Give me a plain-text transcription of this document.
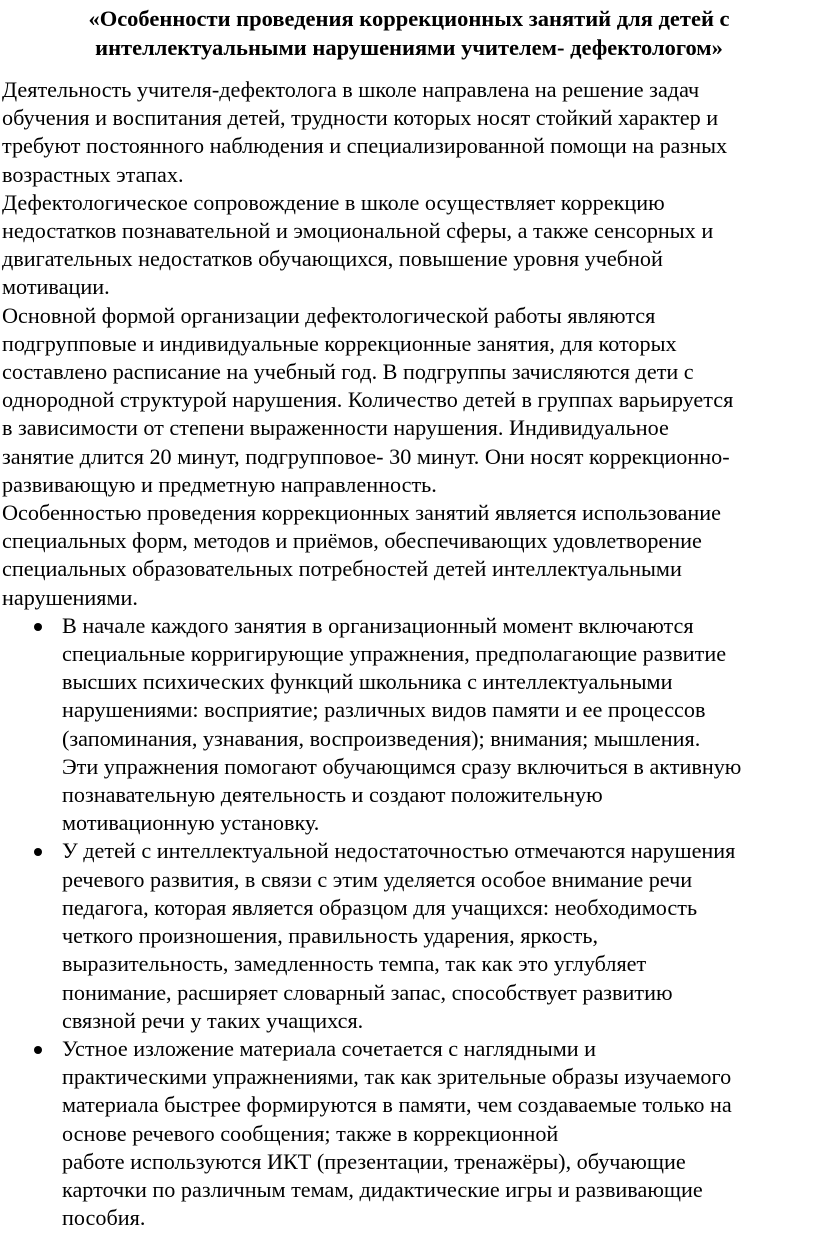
«Особенности проведения коррекционных занятий для детей с
интеллектуальными нарушениями учителем- дефектологом»

Деятельность учителя-дефектолога в школе направлена на решение задач
обучения и воспитания детей, трудности которых носят стойкий характер и
требуют постоянного наблюдения и специализированной помощи на разных
возрастных этапах.

Дефектологическое сопровождение в школе осуществляет коррекцию
недостатков познавательной и эмоциональной сферы, а также сенсорных и
двигательных недостатков обучающихся, повышение уровня учебной
мотивации.

Основной формой организации дефектологической работы являются
подгрупповые и индивидуальные коррекционные занятия, для которых
составлено расписание на учебный год. В подгруппы зачисляются дети с
однородной структурой нарушения. Количество детей в группах варьируется
в зависимости от степени выраженности нарушения. Индивидуальное
занятие длится 20 минут, подгрупповое- 30 минут. Они носят коррекционно-
развивающую и предметную направленность.

Особенностью проведения коррекционных занятий является использование
специальных форм, методов и приёмов, обеспечивающих удовлетворение
специальных образовательных потребностей детей интеллектуальными
нарушениями.

В начале каждого занятия в организационный момент включаются
специальные корригирующие упражнения, предполагающие развитие
высших психических функций школьника с интеллектуальными
нарушениями: восприятие; различных видов памяти и ее процессов
(запоминания, узнавания, воспроизведения); внимания; мышления.
Эти упражнения помогают обучающимся сразу включиться в активную
познавательную деятельность и создают положительную
мотивационную установку.
У детей с интеллектуальной недостаточностью отмечаются нарушения
речевого развития, в связи с этим уделяется особое внимание речи
педагога, которая является образцом для учащихся: необходимость
четкого произношения, правильность ударения, яркость,
выразительность, замедленность темпа, так как это углубляет
понимание, расширяет словарный запас, способствует развитию
связной речи у таких учащихся.
Устное изложение материала сочетается с наглядными и
практическими упражнениями, так как зрительные образы изучаемого
материала быстрее формируются в памяти, чем создаваемые только на
основе речевого сообщения; также в коррекционной
работе используются ИКТ (презентации, тренажёры), обучающие
карточки по различным темам, дидактические игры и развивающие
пособия.
